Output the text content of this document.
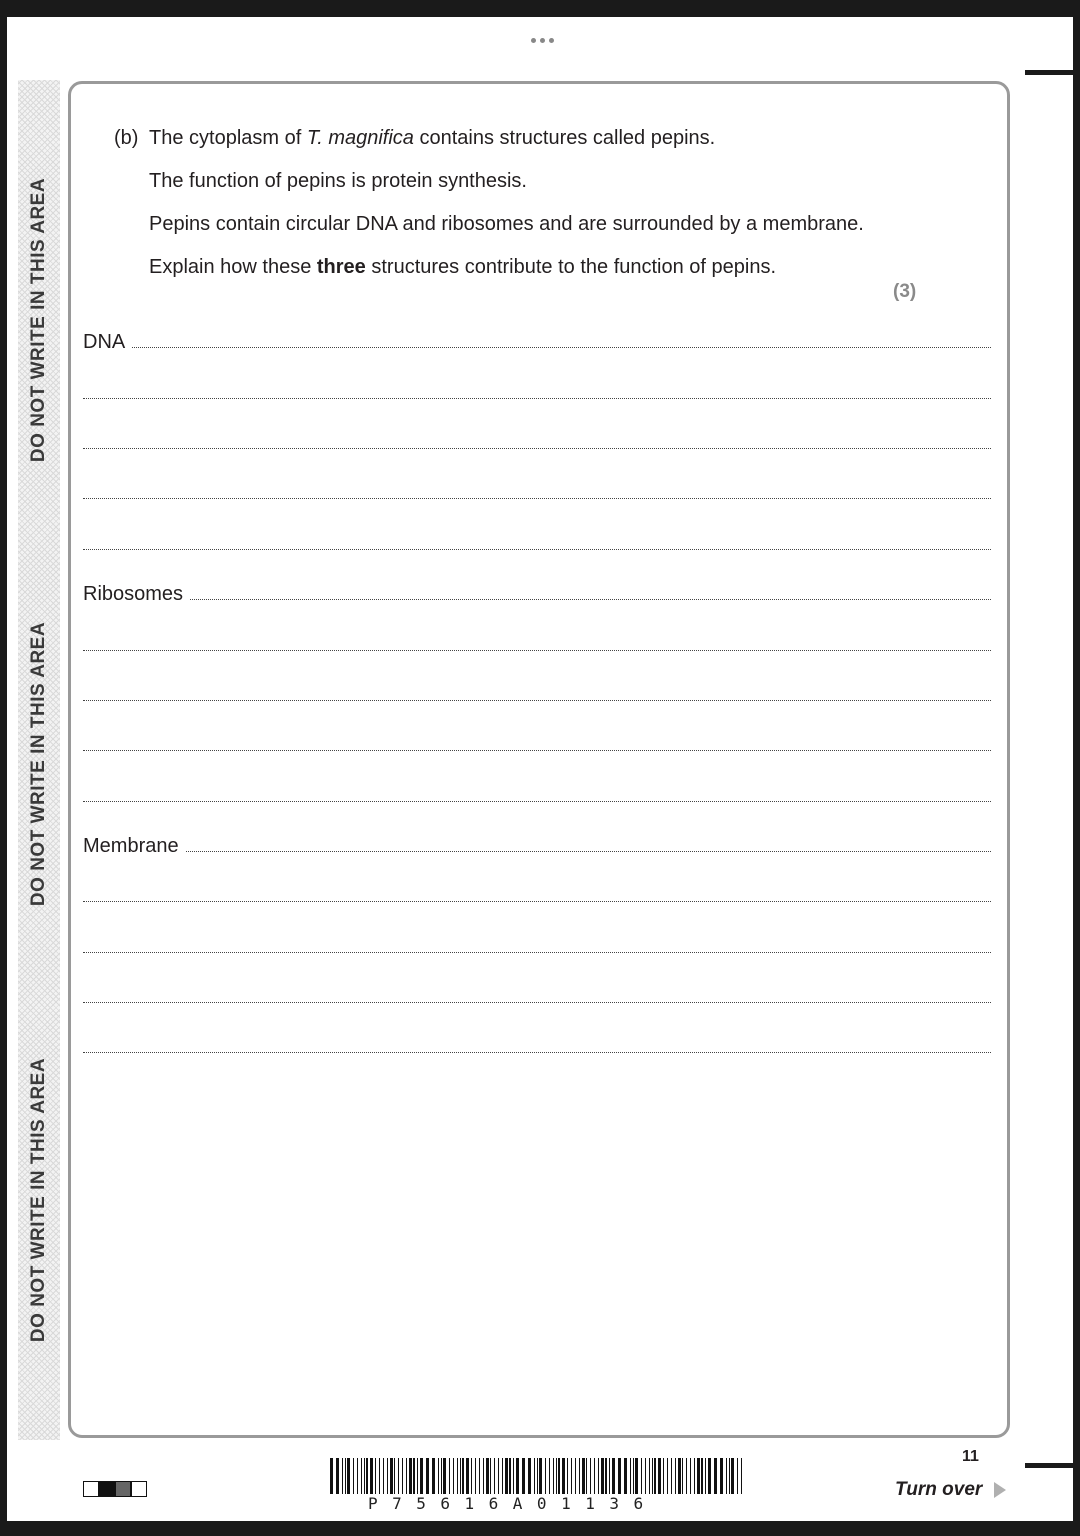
DO NOT WRITE IN THIS AREA
DO NOT WRITE IN THIS AREA
DO NOT WRITE IN THIS AREA
(b) The cytoplasm of T. magnifica contains structures called pepins.
The function of pepins is protein synthesis.
Pepins contain circular DNA and ribosomes and are surrounded by a membrane.
Explain how these three structures contribute to the function of pepins.
(3)
DNA
Ribosomes
Membrane
P75616A01136
11
Turn over
